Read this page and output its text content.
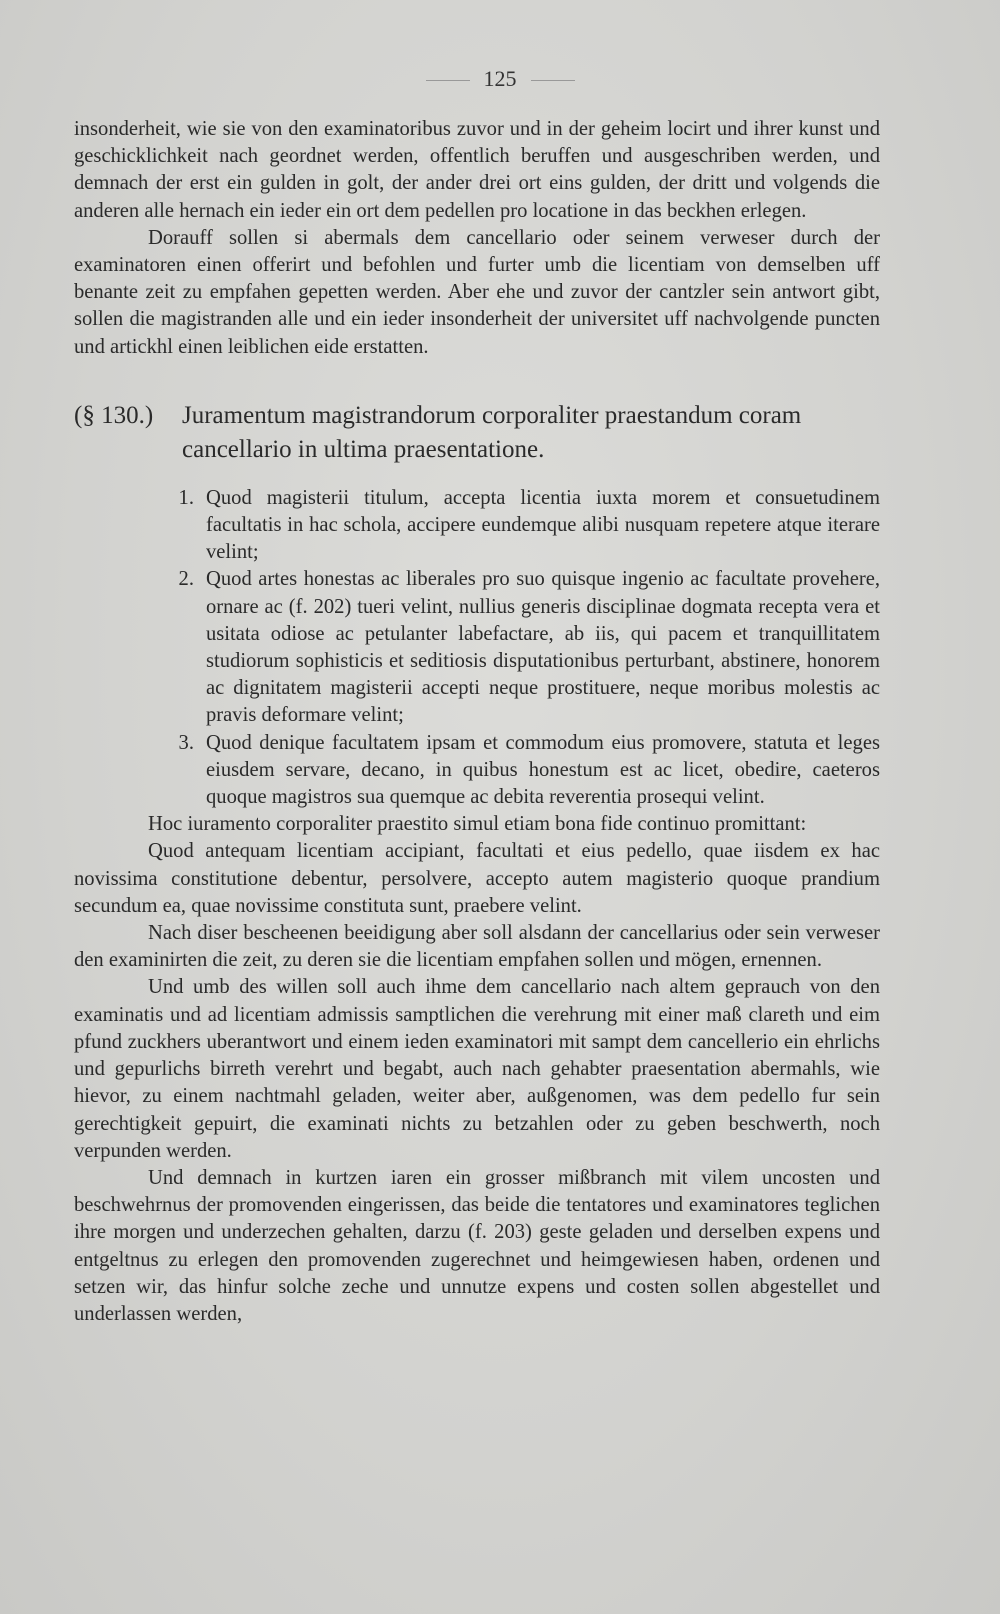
125

insonderheit, wie sie von den examinatoribus zuvor und in der geheim locirt und ihrer kunst und geschicklichkeit nach geordnet werden, offentlich beruffen und ausgeschriben werden, und demnach der erst ein gulden in golt, der ander drei ort eins gulden, der dritt und volgends die anderen alle hernach ein ieder ein ort dem pedellen pro locatione in das beckhen erlegen.

Dorauff sollen si abermals dem cancellario oder seinem verweser durch der examinatoren einen offerirt und befohlen und furter umb die licentiam von demselben uff benante zeit zu empfahen gepetten werden. Aber ehe und zuvor der cantzler sein antwort gibt, sollen die magistranden alle und ein ieder insonderheit der universitet uff nachvolgende puncten und artickhl einen leiblichen eide erstatten.

(§ 130.)	Juramentum magistrandorum corporaliter praestandum coram cancellario in ultima praesentatione.
1. Quod magisterii titulum, accepta licentia iuxta morem et consuetudinem facultatis in hac schola, accipere eundemque alibi nusquam repetere atque iterare velint;
2. Quod artes honestas ac liberales pro suo quisque ingenio ac facultate provehere, ornare ac (f. 202) tueri velint, nullius generis disciplinae dogmata recepta vera et usitata odiose ac petulanter labefactare, ab iis, qui pacem et tranquillitatem studiorum sophisticis et seditiosis disputationibus perturbant, abstinere, honorem ac dignitatem magisterii accepti neque prostituere, neque moribus molestis ac pravis deformare velint;
3. Quod denique facultatem ipsam et commodum eius promovere, statuta et leges eiusdem servare, decano, in quibus honestum est ac licet, obedire, caeteros quoque magistros sua quemque ac debita reverentia prosequi velint.

Hoc iuramento corporaliter praestito simul etiam bona fide continuo promittant:

Quod antequam licentiam accipiant, facultati et eius pedello, quae iisdem ex hac novissima constitutione debentur, persolvere, accepto autem magisterio quoque prandium secundum ea, quae novissime constituta sunt, praebere velint.

Nach diser bescheenen beeidigung aber soll alsdann der cancellarius oder sein verweser den examinirten die zeit, zu deren sie die licentiam empfahen sollen und mögen, ernennen.

Und umb des willen soll auch ihme dem cancellario nach altem geprauch von den examinatis und ad licentiam admissis samptlichen die verehrung mit einer maß clareth und eim pfund zuckhers uberantwort und einem ieden examinatori mit sampt dem cancellerio ein ehrlichs und gepurlichs birreth verehrt und begabt, auch nach gehabter praesentation abermahls, wie hievor, zu einem nachtmahl geladen, weiter aber, außgenomen, was dem pedello fur sein gerechtigkeit gepuirt, die examinati nichts zu betzahlen oder zu geben beschwerth, noch verpunden werden.

Und demnach in kurtzen iaren ein grosser mißbranch mit vilem uncosten und beschwehrnus der promovenden eingerissen, das beide die tentatores und examinatores teglichen ihre morgen und underzechen gehalten, darzu (f. 203) geste geladen und derselben expens und entgeltnus zu erlegen den promovenden zugerechnet und heimgewiesen haben, ordenen und setzen wir, das hinfur solche zeche und unnutze expens und costen sollen abgestellet und underlassen werden,
